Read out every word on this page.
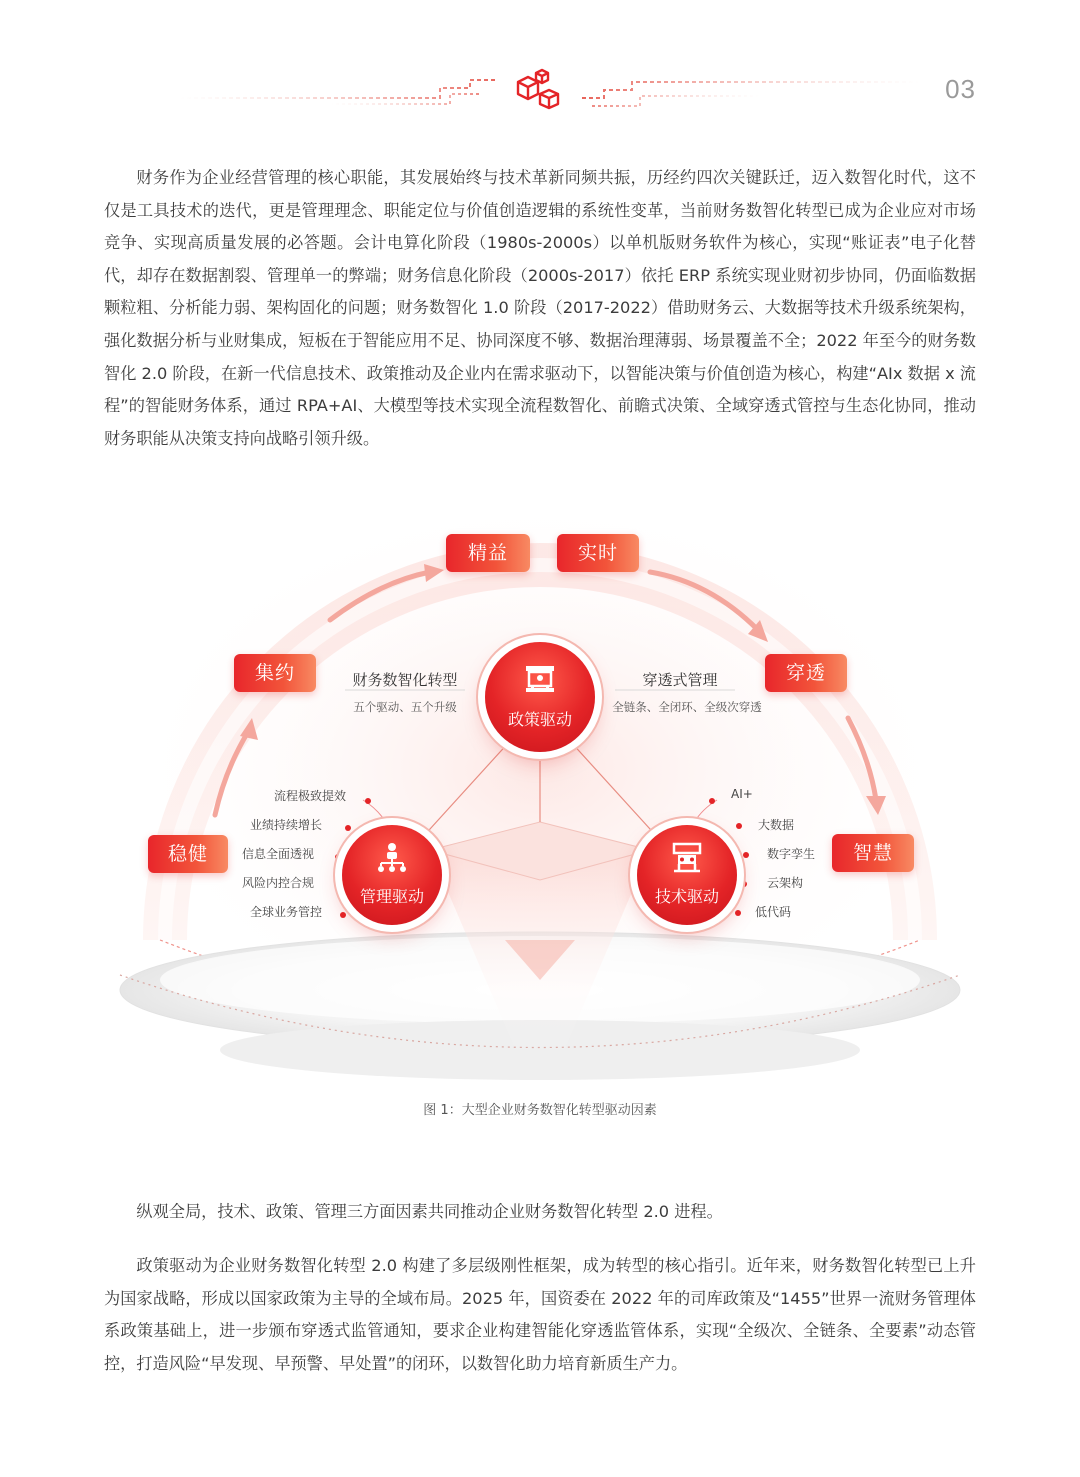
03

财务作为企业经营管理的核心职能，其发展始终与技术革新同频共振，历经约四次关键跃迁，迈入数智化时代，这不仅是工具技术的迭代，更是管理理念、职能定位与价值创造逻辑的系统性变革，当前财务数智化转型已成为企业应对市场竞争、实现高质量发展的必答题。会计电算化阶段（1980s-2000s）以单机版财务软件为核心，实现“账证表”电子化替代，却存在数据割裂、管理单一的弊端；财务信息化阶段（2000s-2017）依托 ERP 系统实现业财初步协同，仍面临数据颗粒粗、分析能力弱、架构固化的问题；财务数智化 1.0 阶段（2017-2022）借助财务云、大数据等技术升级系统架构，强化数据分析与业财集成，短板在于智能应用不足、协同深度不够、数据治理薄弱、场景覆盖不全；2022 年至今的财务数智化 2.0 阶段，在新一代信息技术、政策推动及企业内在需求驱动下，以智能决策与价值创造为核心，构建“AIx 数据 x 流程”的智能财务体系，通过 RPA+AI、大模型等技术实现全流程数智化、前瞻式决策、全域穿透式管控与生态化协同，推动财务职能从决策支持向战略引领升级。

稳健
集约
精益	实时
穿透
智慧
政策驱动
管理驱动	技术驱动
财务数智化转型
五个驱动、五个升级
穿透式管理
全链条、全闭环、全级次穿透
流程极致提效
业绩持续增长
信息全面透视
风险内控合规
全球业务管控
AI+
大数据
数字孪生
云架构
低代码
图 1：大型企业财务数智化转型驱动因素

纵观全局，技术、政策、管理三方面因素共同推动企业财务数智化转型 2.0 进程。

政策驱动为企业财务数智化转型 2.0 构建了多层级刚性框架，成为转型的核心指引。近年来，财务数智化转型已上升为国家战略，形成以国家政策为主导的全域布局。2025 年，国资委在 2022 年的司库政策及“1455”世界一流财务管理体系政策基础上，进一步颁布穿透式监管通知，要求企业构建智能化穿透监管体系，实现“全级次、全链条、全要素”动态管控，打造风险“早发现、早预警、早处置”的闭环，以数智化助力培育新质生产力。
